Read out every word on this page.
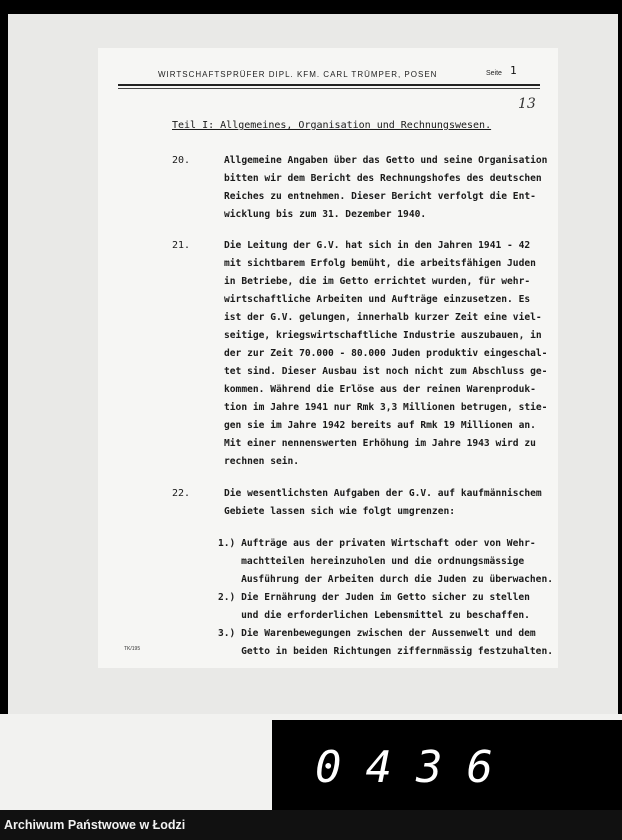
WIRTSCHAFTSPRÜFER DIPL. KFM. CARL TRÜMPER, POSEN	Seite 1
13
Teil I: Allgemeines, Organisation und Rechnungswesen.
20.	Allgemeine Angaben über das Getto und seine Organisation
bitten wir dem Bericht des Rechnungshofes des deutschen
Reiches zu entnehmen. Dieser Bericht verfolgt die Ent-
wicklung bis zum 31. Dezember 1940.
21.	Die Leitung der G.V. hat sich in den Jahren 1941 - 42
mit sichtbarem Erfolg bemüht, die arbeitsfähigen Juden
in Betriebe, die im Getto errichtet wurden, für wehr-
wirtschaftliche Arbeiten und Aufträge einzusetzen. Es
ist der G.V. gelungen, innerhalb kurzer Zeit eine viel-
seitige, kriegswirtschaftliche Industrie auszubauen, in
der zur Zeit 70.000 - 80.000 Juden produktiv eingeschal-
tet sind. Dieser Ausbau ist noch nicht zum Abschluss ge-
kommen. Während die Erlöse aus der reinen Warenproduk-
tion im Jahre 1941 nur Rmk 3,3 Millionen betrugen, stie-
gen sie im Jahre 1942 bereits auf Rmk 19 Millionen an.
Mit einer nennenswerten Erhöhung im Jahre 1943 wird zu
rechnen sein.
22.	Die wesentlichsten Aufgaben der G.V. auf kaufmännischem
Gebiete lassen sich wie folgt umgrenzen:
1.) Aufträge aus der privaten Wirtschaft oder von Wehr-
machtteilen hereinzuholen und die ordnungsmässige
Ausführung der Arbeiten durch die Juden zu überwachen.
2.) Die Ernährung der Juden im Getto sicher zu stellen
und die erforderlichen Lebensmittel zu beschaffen.
3.) Die Warenbewegungen zwischen der Aussenwelt und dem
Getto in beiden Richtungen ziffernmässig festzuhalten.
TK/195
0436
Archiwum Państwowe w Łodzi
